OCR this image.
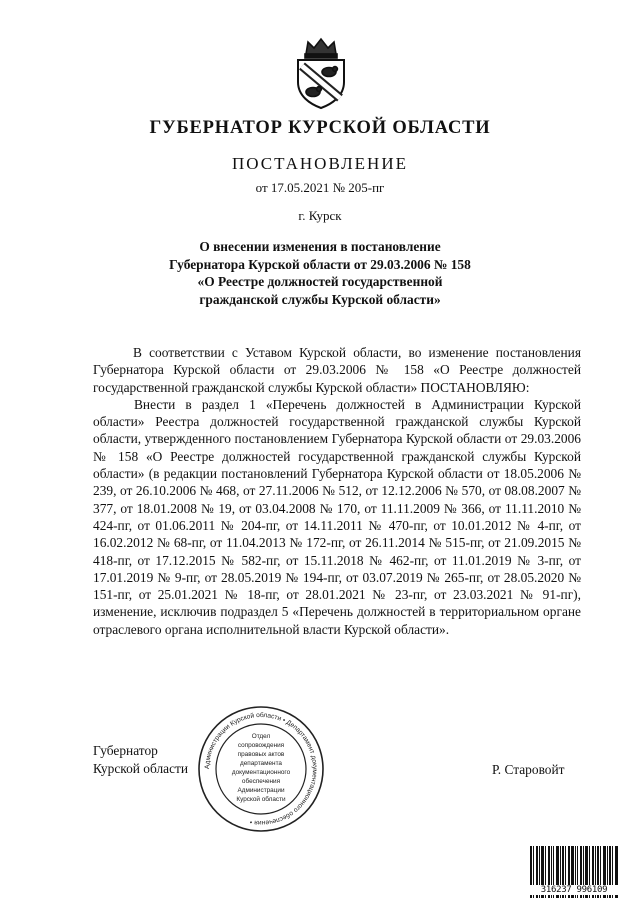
ГУБЕРНАТОР КУРСКОЙ ОБЛАСТИ
ПОСТАНОВЛЕНИЕ
от 17.05.2021 № 205-пг
г. Курск
О внесении изменения в постановление
Губернатора Курской области от 29.03.2006 № 158
«О Реестре должностей государственной
гражданской службы Курской области»

В соответствии с Уставом Курской области, во изменение постановления Губернатора Курской области от 29.03.2006 № 158 «О Реестре должностей государственной гражданской службы Курской области» ПОСТАНОВЛЯЮ:

Внести в раздел 1 «Перечень должностей в Администрации Курской области» Реестра должностей государственной гражданской службы Курской области, утвержденного постановлением Губернатора Курской области от 29.03.2006 № 158 «О Реестре должностей государственной гражданской службы Курской области» (в редакции постановлений Губернатора Курской области от 18.05.2006 № 239, от 26.10.2006 № 468, от 27.11.2006 № 512, от 12.12.2006 № 570, от 08.08.2007 № 377, от 18.01.2008 № 19, от 03.04.2008 № 170, от 11.11.2009 № 366, от 11.11.2010 № 424-пг, от 01.06.2011 № 204-пг, от 14.11.2011 № 470-пг, от 10.01.2012 № 4-пг, от 16.02.2012 № 68-пг, от 11.04.2013 № 172-пг, от 26.11.2014 № 515-пг, от 21.09.2015 № 418-пг, от 17.12.2015 № 582-пг, от 15.11.2018 № 462-пг, от 11.01.2019 № 3-пг, от 17.01.2019 № 9-пг, от 28.05.2019 № 194-пг, от 03.07.2019 № 265-пг, от 28.05.2020 № 151-пг, от 25.01.2021 № 18-пг, от 28.01.2021 № 23-пг, от 23.03.2021 № 91-пг), изменение, исключив подраздел 5 «Перечень должностей в территориальном органе отраслевого органа исполнительной власти Курской области».

Губернатор
Курской области	Р. Старовойт
Администрации Курской области • Департамент документационного обеспечения •
Отдел
сопровождения
правовых актов
департамента
документационного
обеспечения
Администрации
Курской области
316237 996109
